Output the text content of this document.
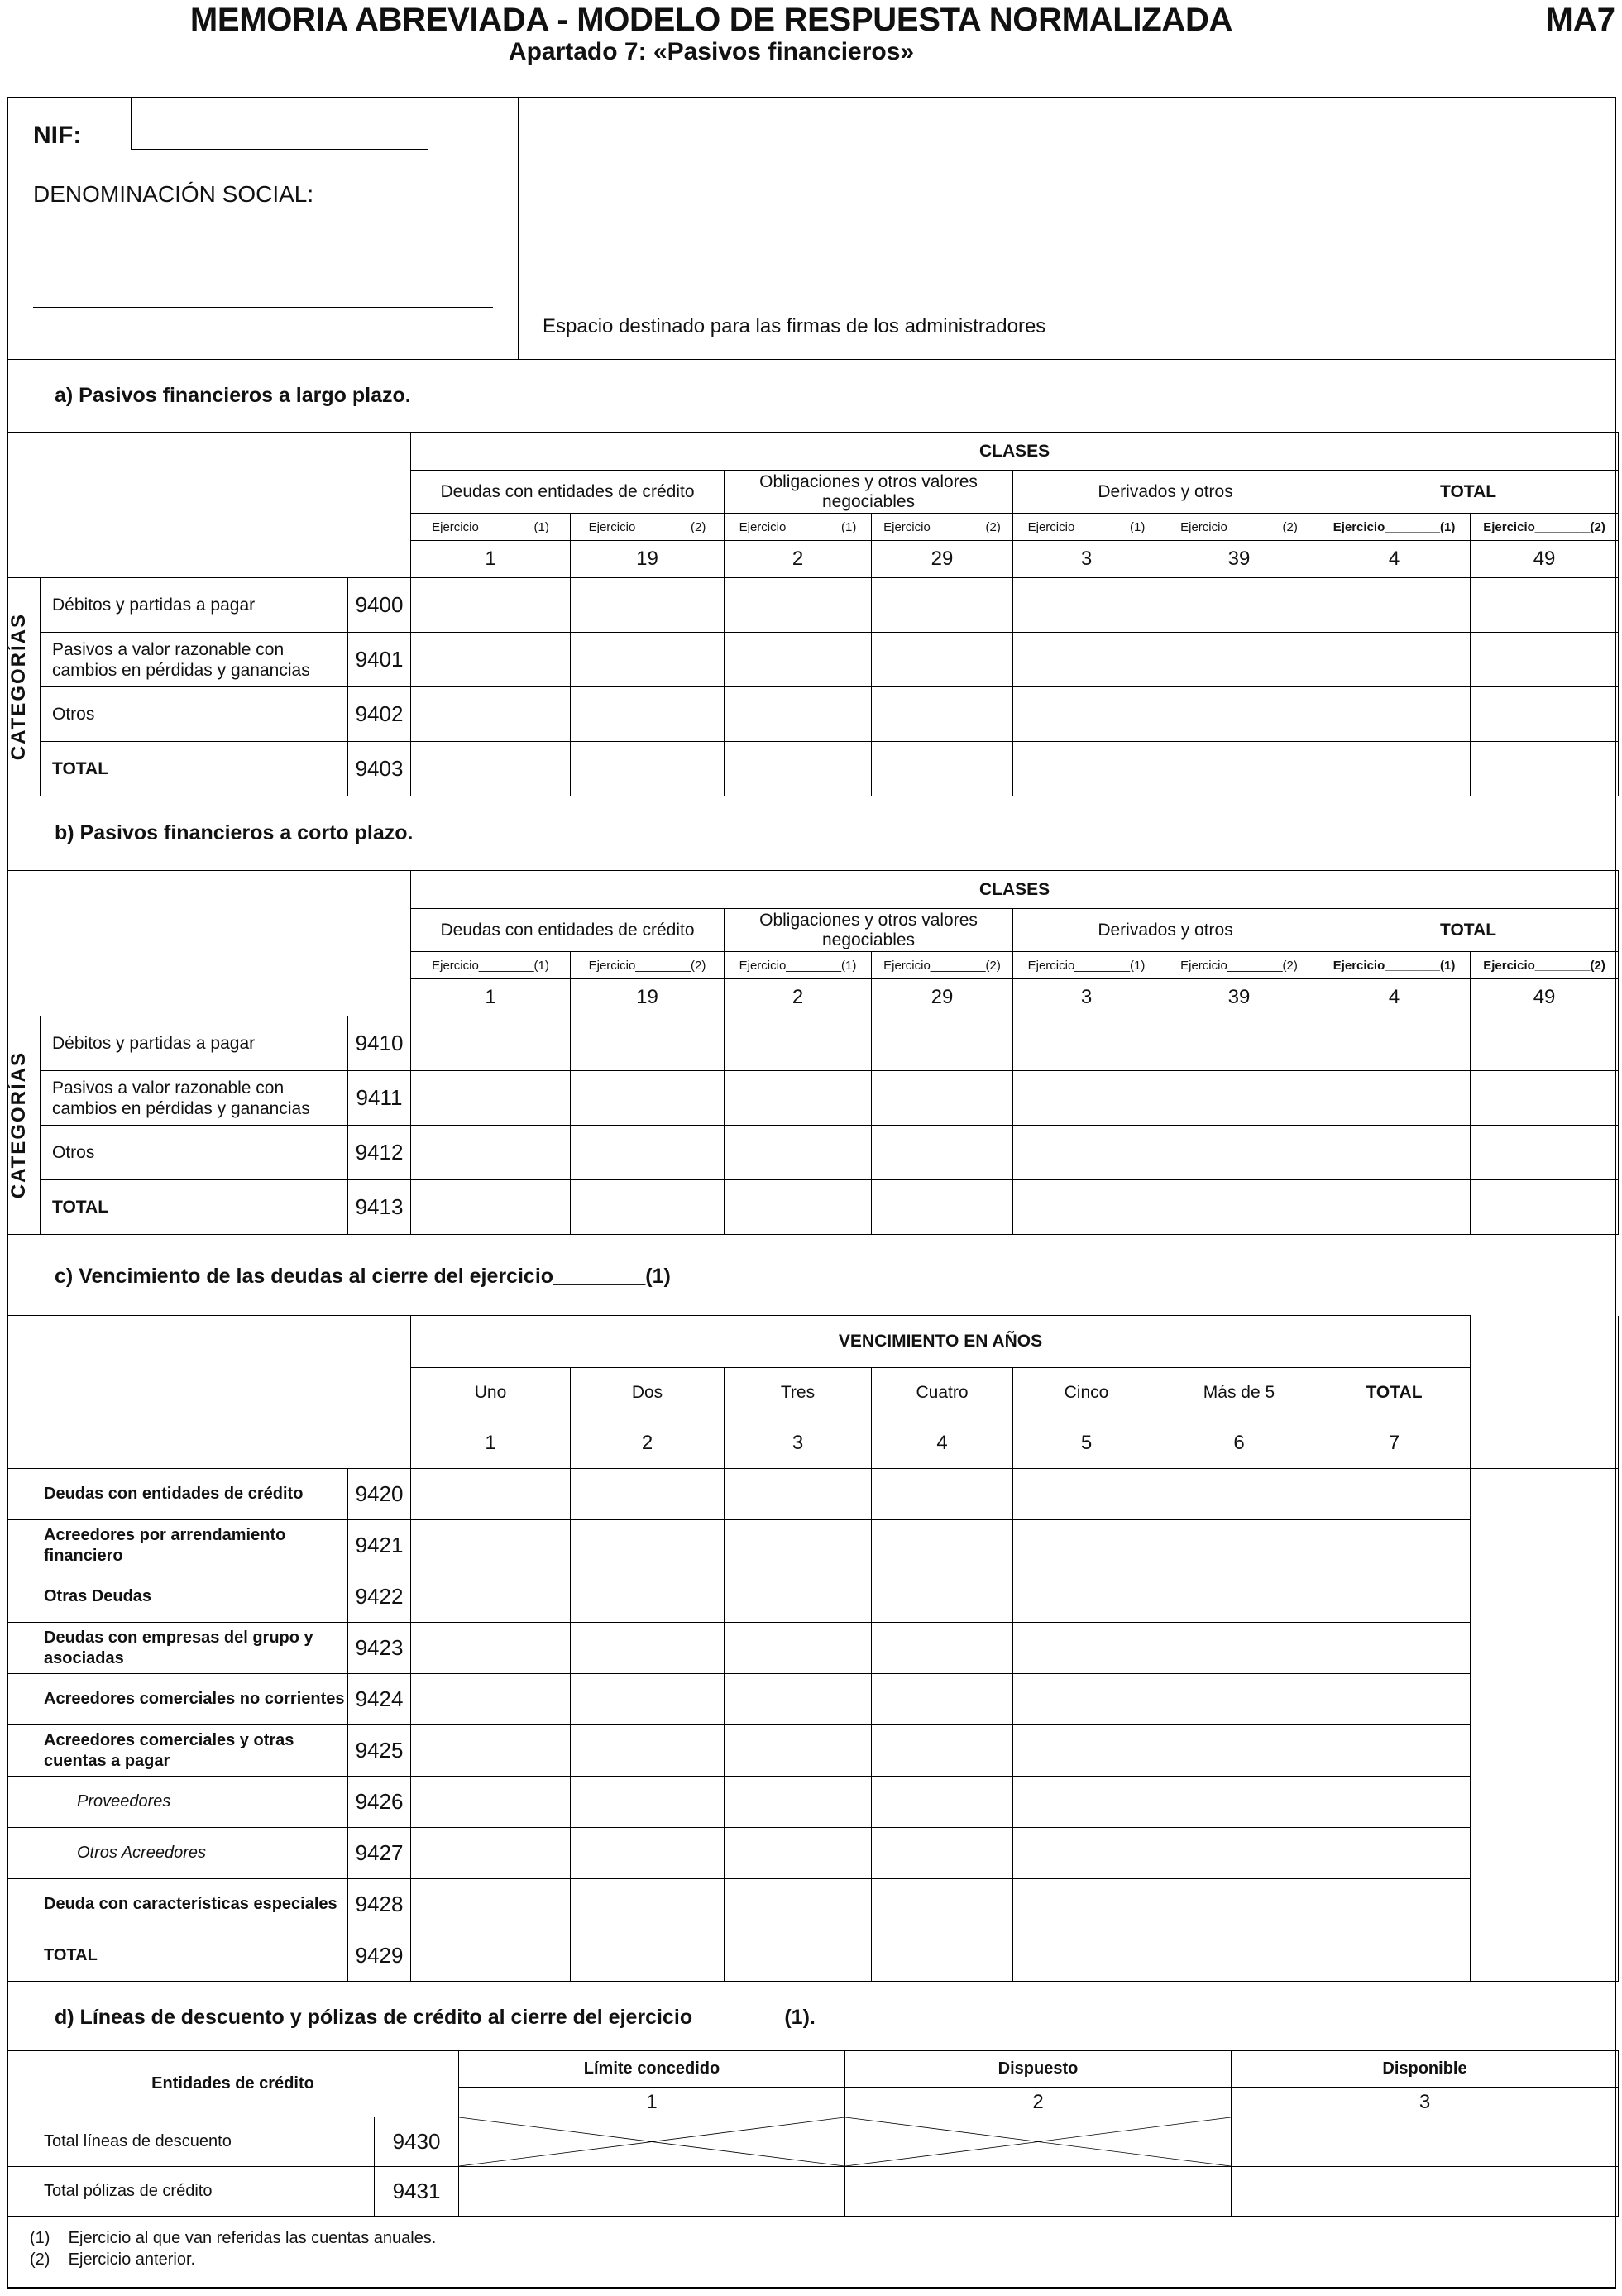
MEMORIA ABREVIADA - MODELO DE RESPUESTA NORMALIZADA	MA7
Apartado 7: «Pasivos financieros»
NIF:
DENOMINACIÓN SOCIAL:
Espacio destinado para las firmas de los administradores
a) Pasivos financieros a largo plazo.
			CLASES							
			Deudas con entidades de crédito		Obligaciones y otros valores negociables		Derivados y otros		TOTAL	
			Ejercicio________(1)	Ejercicio________(2)	Ejercicio________(1)	Ejercicio________(2)	Ejercicio________(1)	Ejercicio________(2)	Ejercicio________(1)	Ejercicio________(2)
			1	19	2	29	3	39	4	49

CATEGORÍAS	Débitos y partidas a pagar	9400								
	Pasivos a valor razonable con cambios en pérdidas y ganancias	9401								
	Otros	9402								
	TOTAL	9403								
b) Pasivos financieros a corto plazo.
			CLASES							
			Deudas con entidades de crédito		Obligaciones y otros valores negociables		Derivados y otros		TOTAL	
			Ejercicio________(1)	Ejercicio________(2)	Ejercicio________(1)	Ejercicio________(2)	Ejercicio________(1)	Ejercicio________(2)	Ejercicio________(1)	Ejercicio________(2)
			1	19	2	29	3	39	4	49

CATEGORÍAS	Débitos y partidas a pagar	9410								
	Pasivos a valor razonable con cambios en pérdidas y ganancias	9411								
	Otros	9412								
	TOTAL	9413								
c) Vencimiento de las deudas al cierre del ejercicio________(1)
		VENCIMIENTO EN AÑOS							
		Uno	Dos	Tres	Cuatro	Cinco	Más de 5	TOTAL	
		1	2	3	4	5	6	7	
Deudas con entidades de crédito	9420								
Acreedores por arrendamiento financiero	9421								
Otras Deudas	9422								
Deudas con empresas del grupo y asociadas	9423								
Acreedores comerciales no corrientes	9424								
Acreedores comerciales y otras cuentas a pagar	9425								
Proveedores	9426								
Otros Acreedores	9427								
Deuda con características especiales	9428								
TOTAL	9429								
d) Líneas de descuento y pólizas de crédito al cierre del ejercicio________(1).
Entidades de crédito		Límite concedido	Dispuesto	Disponible
		1	2	3
Total líneas de descuento	9430	

Total pólizas de crédito	9431			
(1)    Ejercicio al que van referidas las cuentas anuales.
(2)    Ejercicio anterior.
